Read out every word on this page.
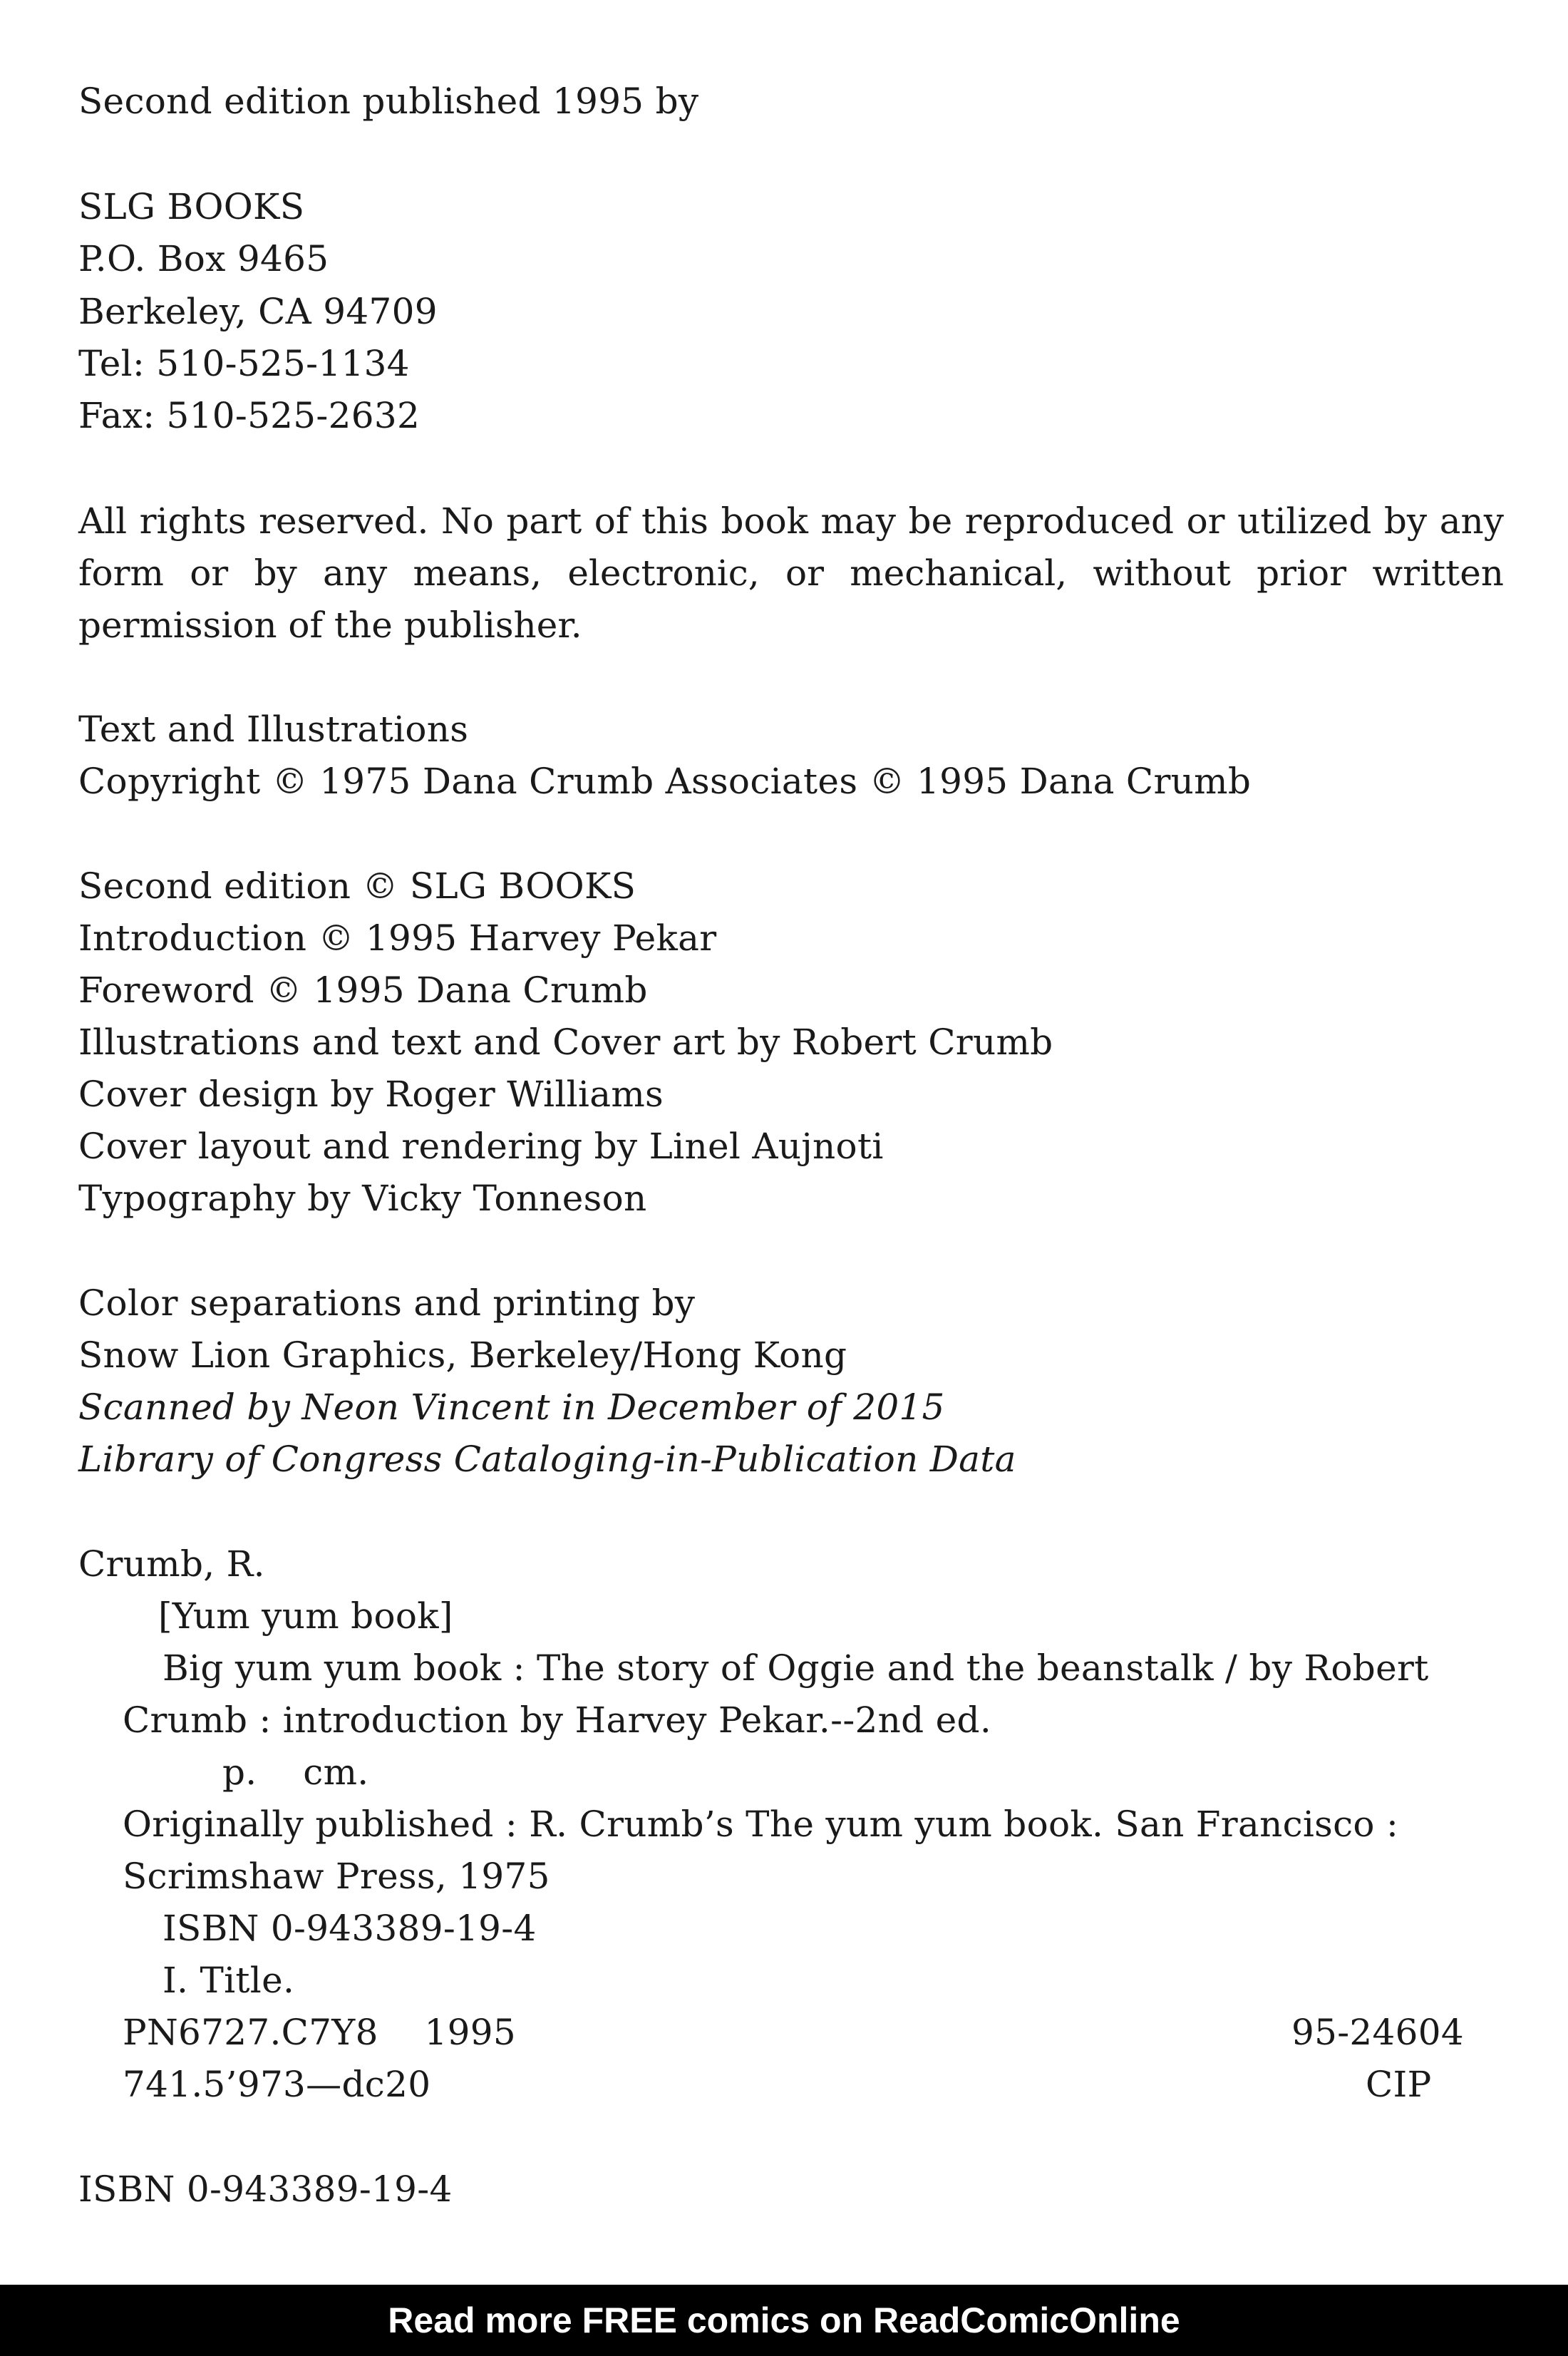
Second edition published 1995 by
SLG BOOKS
P.O. Box 9465
Berkeley, CA 94709
Tel: 510-525-1134
Fax: 510-525-2632
All rights reserved. No part of this book may be reproduced or utilized by any form or by any means, electronic, or mechanical, without prior written permission of the publisher.
Text and Illustrations
Copyright © 1975 Dana Crumb Associates © 1995 Dana Crumb
Second edition © SLG BOOKS
Introduction © 1995 Harvey Pekar
Foreword © 1995 Dana Crumb
Illustrations and text and Cover art by Robert Crumb
Cover design by Roger Williams
Cover layout and rendering by Linel Aujnoti
Typography by Vicky Tonneson
Color separations and printing by
Snow Lion Graphics, Berkeley/Hong Kong
Scanned by Neon Vincent in December of 2015
Library of Congress Cataloging-in-Publication Data
Crumb, R.
[Yum yum book]
Big yum yum book : The story of Oggie and the beanstalk / by Robert
Crumb : introduction by Harvey Pekar.--2nd ed.
p.    cm.
Originally published : R. Crumb’s The yum yum book. San Francisco :
Scrimshaw Press, 1975
ISBN 0-943389-19-4
I. Title.
PN6727.C7Y8    1995	95-24604
741.5’973—dc20	CIP
ISBN 0-943389-19-4
Read more FREE comics on ReadComicOnline
